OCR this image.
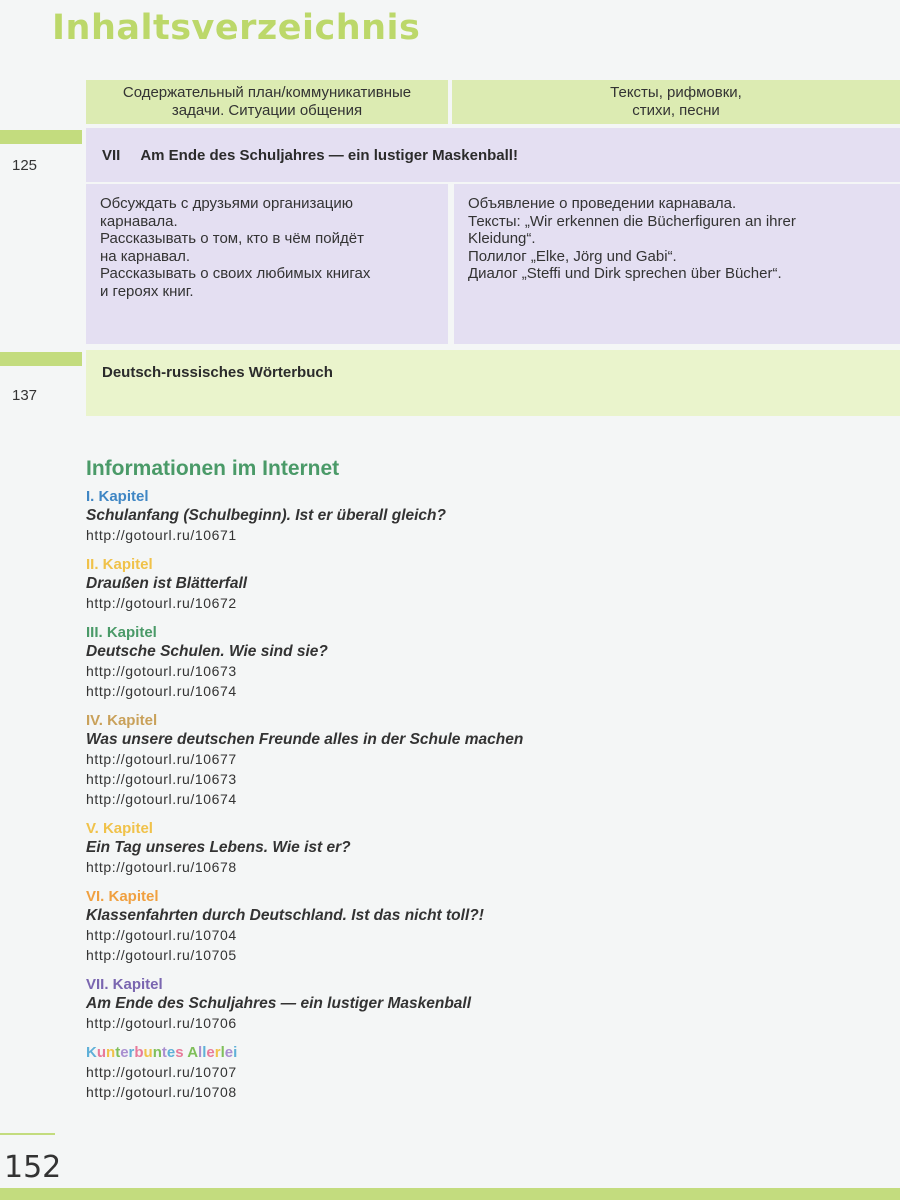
Inhaltsverzeichnis
Содержательный план/коммуникативные
задачи. Ситуации общения
Тексты, рифмовки,
стихи, песни
125
VII Am Ende des Schuljahres — ein lustiger Maskenball!
Обсуждать с друзьями организацию
карнавала.
Рассказывать о том, кто в чём пойдёт
на карнавал.
Рассказывать о своих любимых книгах
и героях книг.
Объявление о проведении карнавала.
Тексты: „Wir erkennen die Bücherfiguren an ihrer
Kleidung“.
Полилог „Elke, Jörg und Gabi“.
Диалог „Steffi und Dirk sprechen über Bücher“.
137
Deutsch-russisches Wörterbuch
Informationen im Internet
I. Kapitel
Schulanfang (Schulbeginn). Ist er überall gleich?
http://gotourl.ru/10671
II. Kapitel
Draußen ist Blätterfall
http://gotourl.ru/10672
III. Kapitel
Deutsche Schulen. Wie sind sie?
http://gotourl.ru/10673
http://gotourl.ru/10674
IV. Kapitel
Was unsere deutschen Freunde alles in der Schule machen
http://gotourl.ru/10677
http://gotourl.ru/10673
http://gotourl.ru/10674
V. Kapitel
Ein Tag unseres Lebens. Wie ist er?
http://gotourl.ru/10678
VI. Kapitel
Klassenfahrten durch Deutschland. Ist das nicht toll?!
http://gotourl.ru/10704
http://gotourl.ru/10705
VII. Kapitel
Am Ende des Schuljahres — ein lustiger Maskenball
http://gotourl.ru/10706
Kunterbuntes Allerlei
http://gotourl.ru/10707
http://gotourl.ru/10708
152
